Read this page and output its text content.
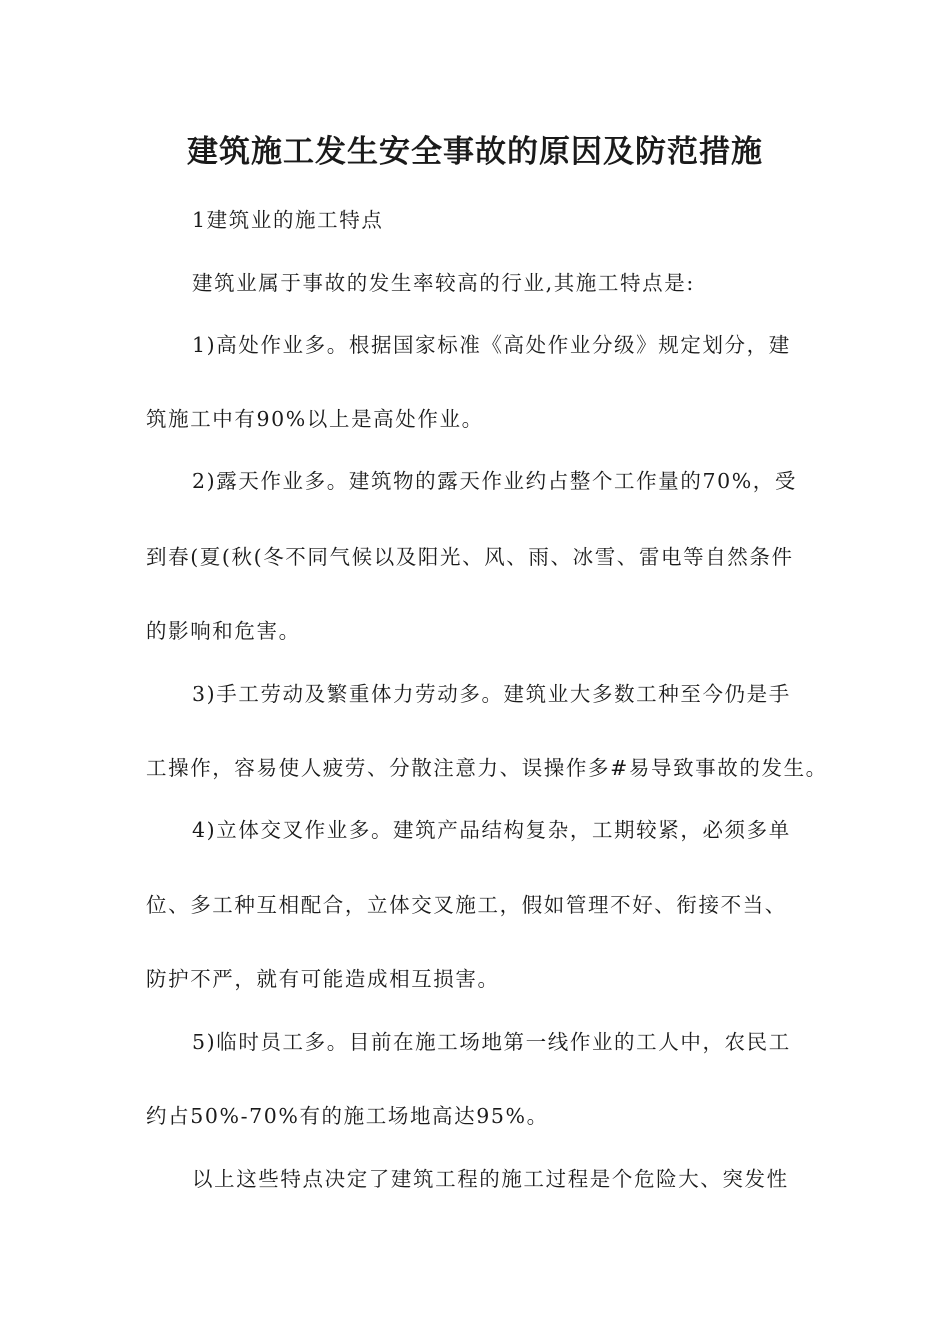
建筑施工发生安全事故的原因及防范措施
1建筑业的施工特点
建筑业属于事故的发生率较高的行业,其施工特点是:
1)高处作业多。根据国家标准《高处作业分级》规定划分，建
筑施工中有90%以上是高处作业。
2)露天作业多。建筑物的露天作业约占整个工作量的70%，受
到春(夏(秋(冬不同气候以及阳光、风、雨、冰雪、雷电等自然条件
的影响和危害。
3)手工劳动及繁重体力劳动多。建筑业大多数工种至今仍是手
工操作，容易使人疲劳、分散注意力、误操作多#易导致事故的发生。
4)立体交叉作业多。建筑产品结构复杂，工期较紧，必须多单
位、多工种互相配合，立体交叉施工，假如管理不好、衔接不当、
防护不严，就有可能造成相互损害。
5)临时员工多。目前在施工场地第一线作业的工人中，农民工
约占50%-70%有的施工场地高达95%。
以上这些特点决定了建筑工程的施工过程是个危险大、突发性
